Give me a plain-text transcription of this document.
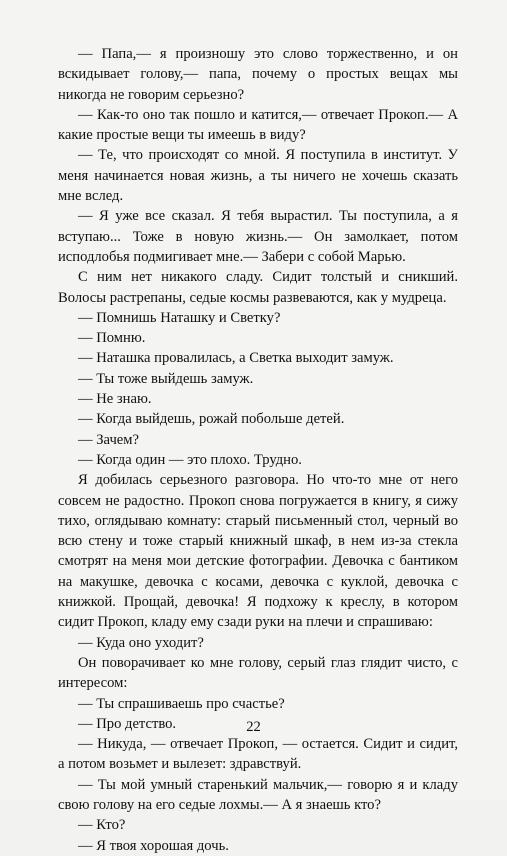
— Папа,— я произношу это слово торжественно, и он вскидывает голову,— папа, почему о простых вещах мы никогда не говорим серьезно?

— Как-то оно так пошло и катится,— отвечает Прокоп.— А какие простые вещи ты имеешь в виду?

— Те, что происходят со мной. Я поступила в институт. У меня начинается новая жизнь, а ты ничего не хочешь сказать мне вслед.

— Я уже все сказал. Я тебя вырастил. Ты поступила, а я вступаю... Тоже в новую жизнь.— Он замолкает, потом исподлобья подмигивает мне.— Забери с собой Марью.

С ним нет никакого сладу. Сидит толстый и сникший. Волосы растрепаны, седые космы развеваются, как у мудреца.

— Помнишь Наташку и Светку?

— Помню.

— Наташка провалилась, а Светка выходит замуж.

— Ты тоже выйдешь замуж.

— Не знаю.

— Когда выйдешь, рожай побольше детей.

— Зачем?

— Когда один — это плохо. Трудно.

Я добилась серьезного разговора. Но что-то мне от него совсем не радостно. Прокоп снова погружается в книгу, я сижу тихо, оглядываю комнату: старый письменный стол, черный во всю стену и тоже старый книжный шкаф, в нем из-за стекла смотрят на меня мои детские фотографии. Девочка с бантиком на макушке, девочка с косами, девочка с куклой, девочка с книжкой. Прощай, девочка! Я подхожу к креслу, в котором сидит Прокоп, кладу ему сзади руки на плечи и спрашиваю:

— Куда оно уходит?

Он поворачивает ко мне голову, серый глаз глядит чисто, с интересом:

— Ты спрашиваешь про счастье?

— Про детство.

— Никуда, — отвечает Прокоп, — остается. Сидит и сидит, а потом возьмет и вылезет: здравствуй.

— Ты мой умный старенький мальчик,— говорю я и кладу свою голову на его седые лохмы.— А я знаешь кто?

— Кто?

— Я твоя хорошая дочь.

22
